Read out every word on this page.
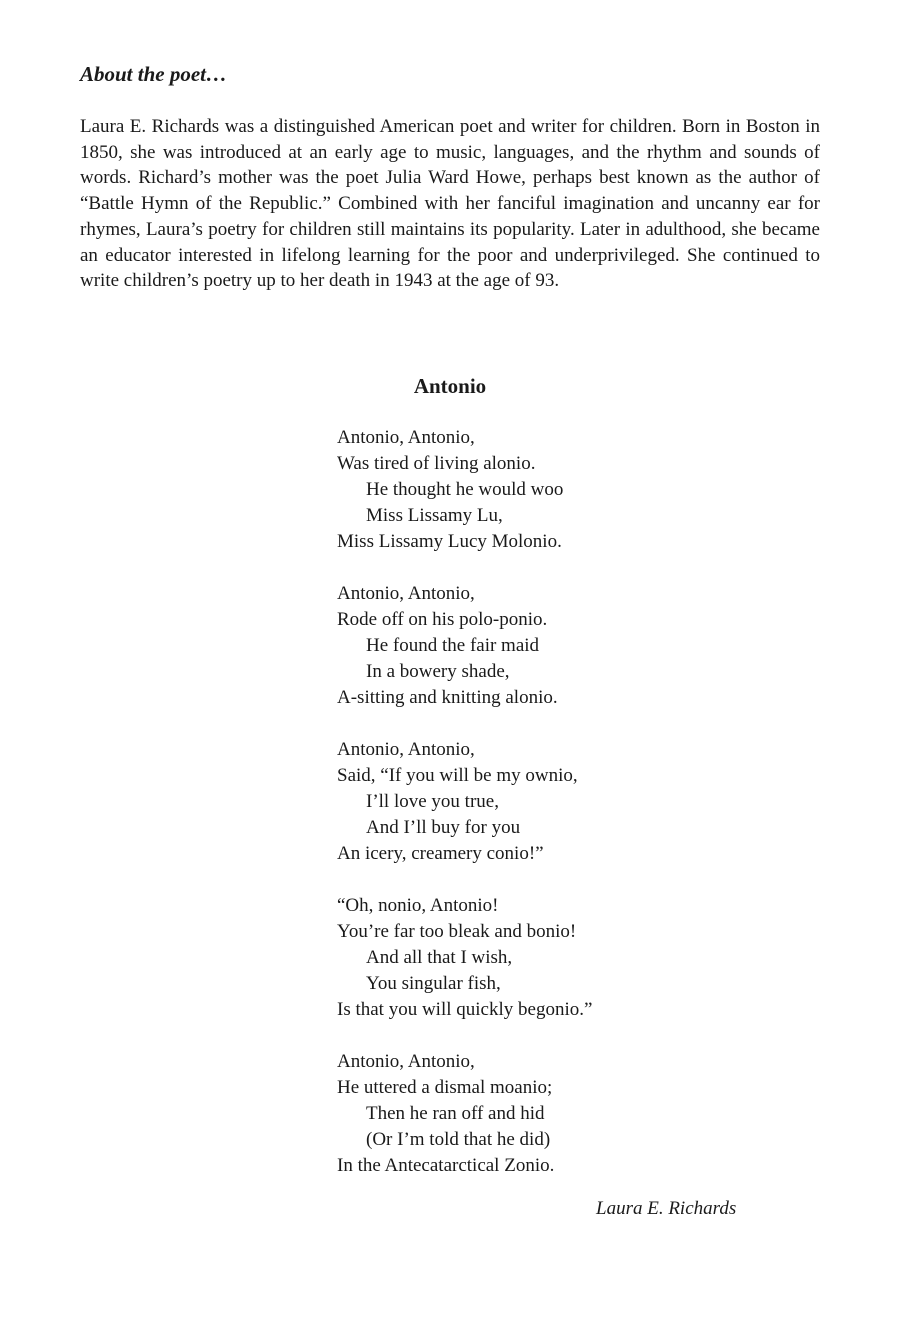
About the poet…

Laura E. Richards was a distinguished American poet and writer for children. Born in Boston in 1850, she was introduced at an early age to music, languages, and the rhythm and sounds of words. Richard’s mother was the poet Julia Ward Howe, perhaps best known as the author of “Battle Hymn of the Republic.” Combined with her fanciful imagination and uncanny ear for rhymes, Laura’s poetry for children still maintains its popularity. Later in adulthood, she became an educator interested in lifelong learning for the poor and underprivileged. She continued to write children’s poetry up to her death in 1943 at the age of 93.

Antonio
Antonio, Antonio,
Was tired of living alonio.
He thought he would woo
Miss Lissamy Lu,
Miss Lissamy Lucy Molonio.
Antonio, Antonio,
Rode off on his polo-ponio.
He found the fair maid
In a bowery shade,
A-sitting and knitting alonio.
Antonio, Antonio,
Said, “If you will be my ownio,
I’ll love you true,
And I’ll buy for you
An icery, creamery conio!”
“Oh, nonio, Antonio!
You’re far too bleak and bonio!
And all that I wish,
You singular fish,
Is that you will quickly begonio.”
Antonio, Antonio,
He uttered a dismal moanio;
Then he ran off and hid
(Or I’m told that he did)
In the Antecatarctical Zonio.

Laura E. Richards
